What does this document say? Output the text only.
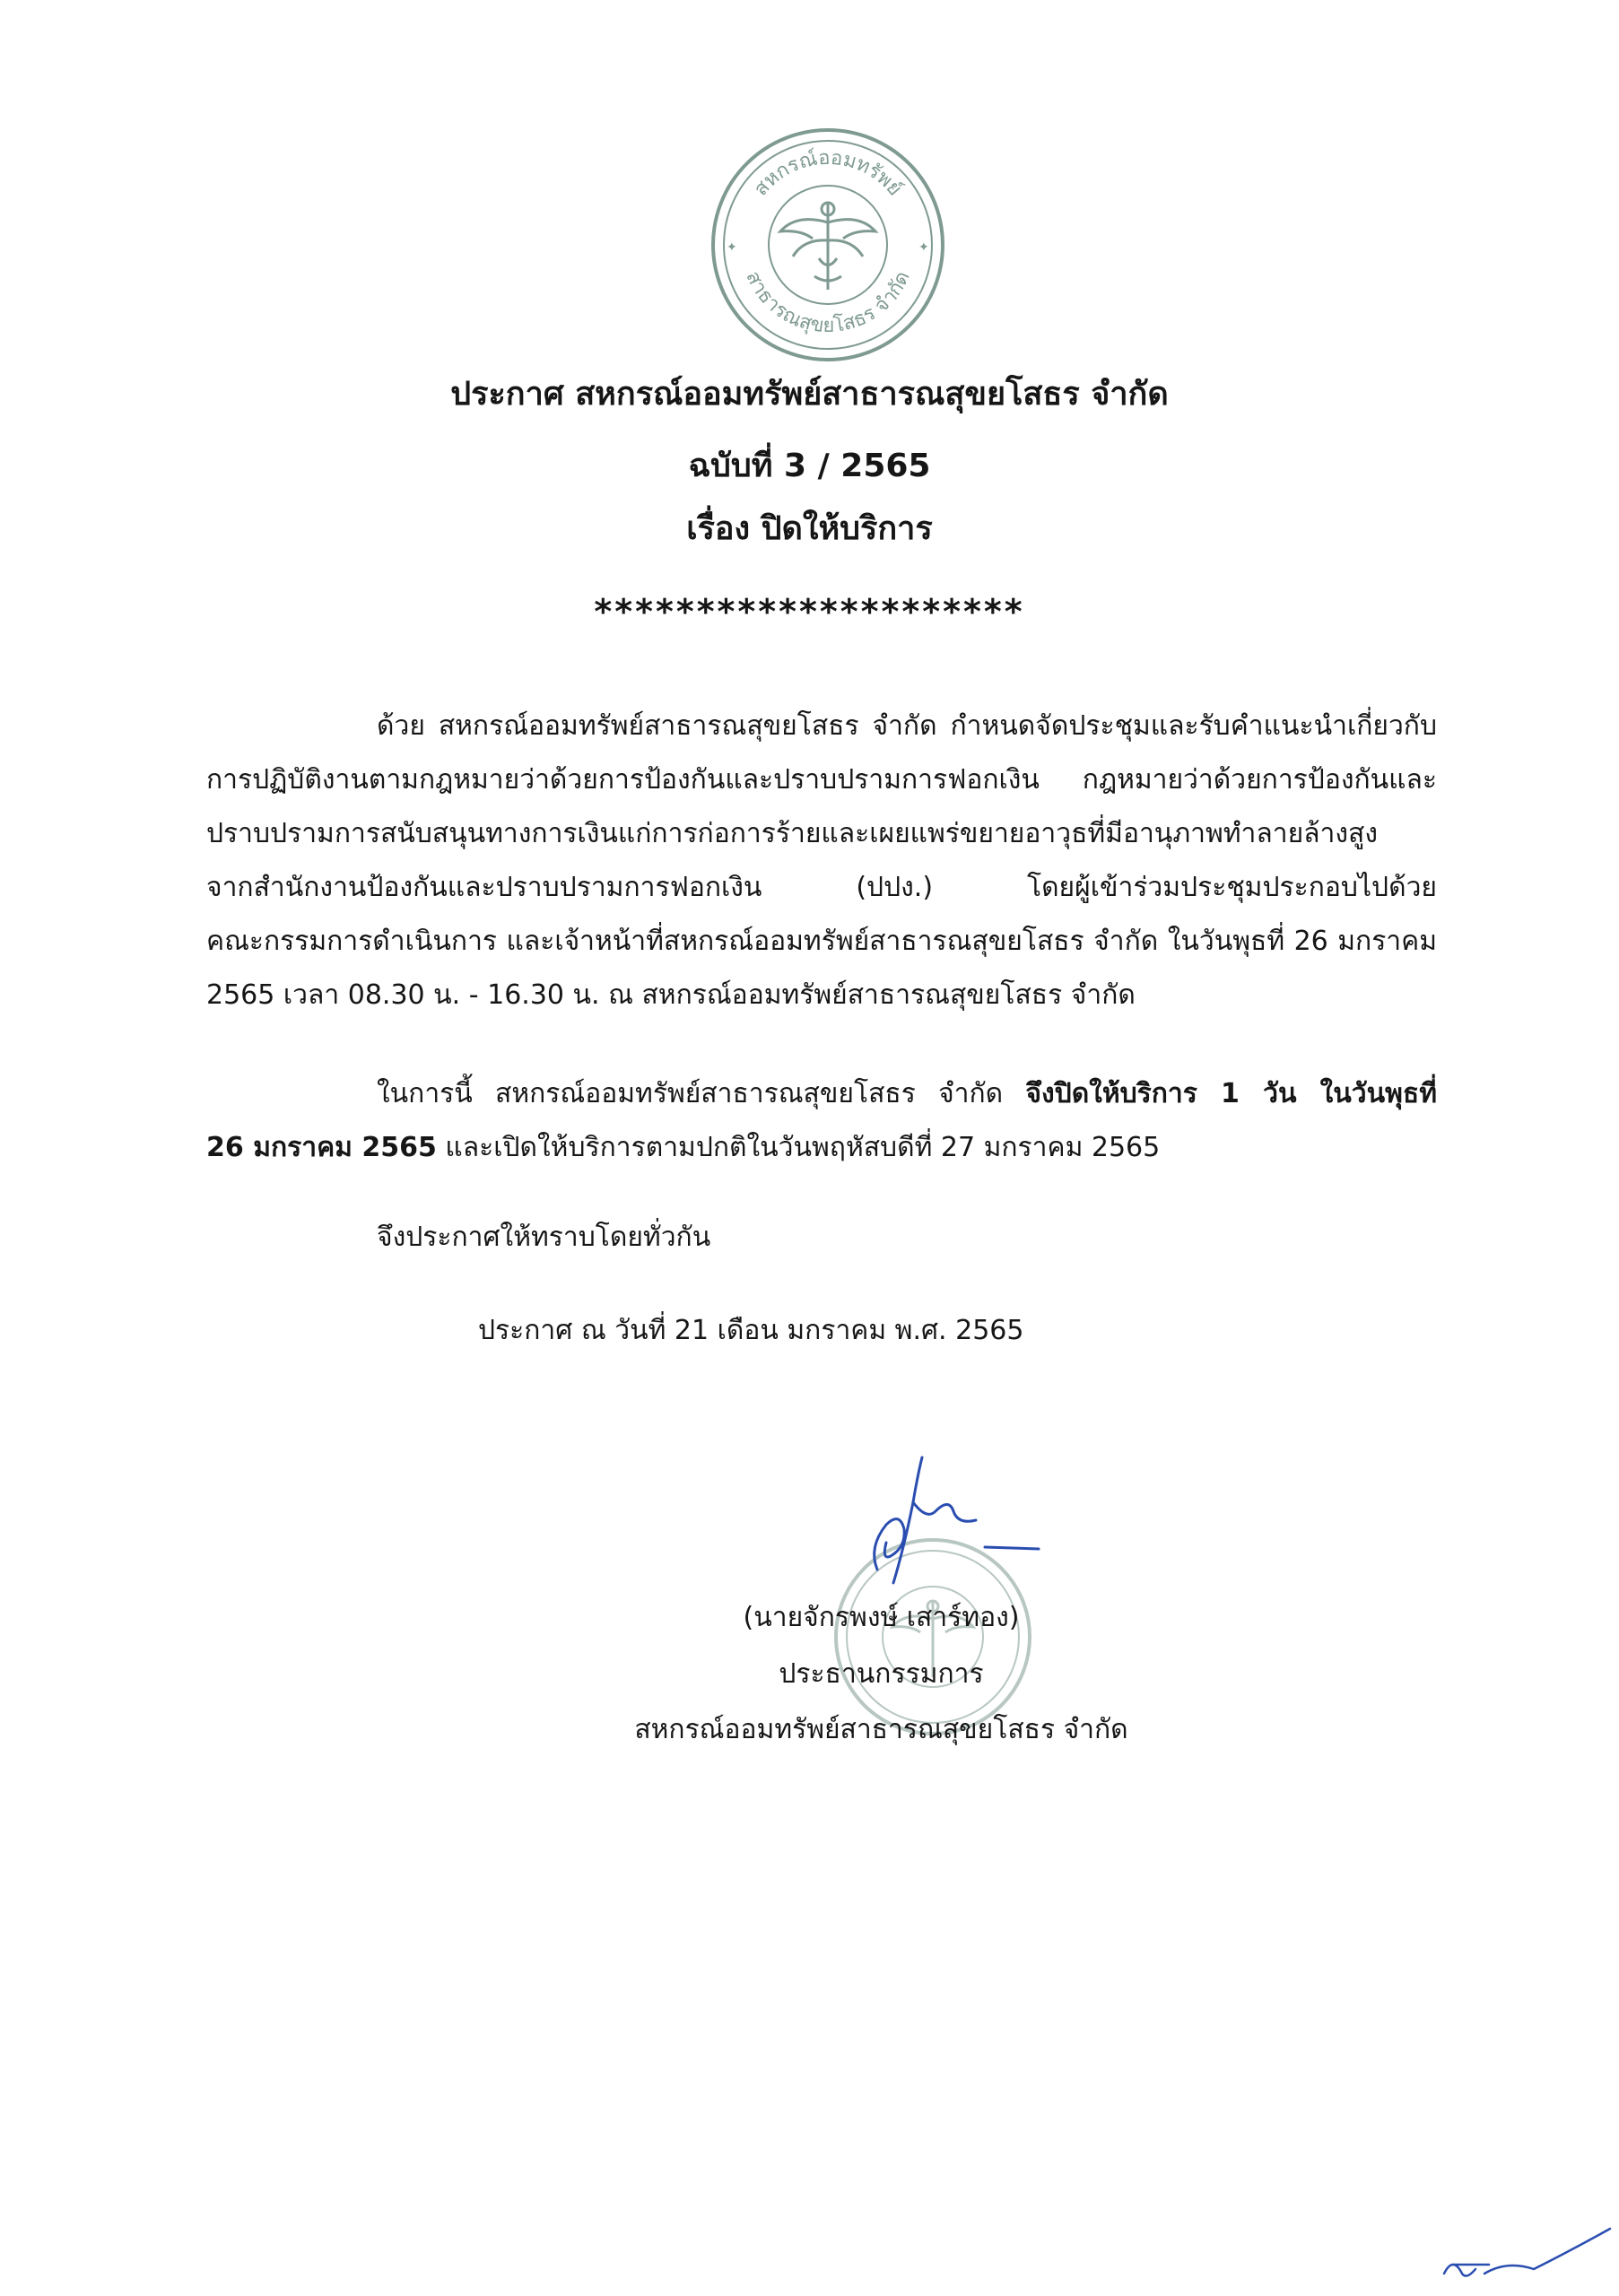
สหกรณ์ออมทรัพย์
สาธารณสุขยโสธร จำกัด
✦	✦
ประกาศ สหกรณ์ออมทรัพย์สาธารณสุขยโสธร จำกัด
ฉบับที่ 3 / 2565
เรื่อง ปิดให้บริการ
*********************
ด้วย สหกรณ์ออมทรัพย์สาธารณสุขยโสธร จำกัด กำหนดจัดประชุมและรับคำแนะนำเกี่ยวกับ
การปฏิบัติงานตามกฎหมายว่าด้วยการป้องกันและปราบปรามการฟอกเงิน กฎหมายว่าด้วยการป้องกันและ
ปราบปรามการสนับสนุนทางการเงินแก่การก่อการร้ายและเผยแพร่ขยายอาวุธที่มีอานุภาพทำลายล้างสูง
จากสำนักงานป้องกันและปราบปรามการฟอกเงิน (ปปง.) โดยผู้เข้าร่วมประชุมประกอบไปด้วย
คณะกรรมการดำเนินการ และเจ้าหน้าที่สหกรณ์ออมทรัพย์สาธารณสุขยโสธร จำกัด ในวันพุธที่ 26 มกราคม
2565 เวลา 08.30 น. - 16.30 น. ณ สหกรณ์ออมทรัพย์สาธารณสุขยโสธร จำกัด
ในการนี้ สหกรณ์ออมทรัพย์สาธารณสุขยโสธร จำกัด จึงปิดให้บริการ 1 วัน ในวันพุธที่
26 มกราคม 2565 และเปิดให้บริการตามปกติในวันพฤหัสบดีที่ 27 มกราคม 2565
จึงประกาศให้ทราบโดยทั่วกัน
ประกาศ ณ วันที่ 21 เดือน มกราคม พ.ศ. 2565
(นายจักรพงษ์ เสาร์ทอง)
ประธานกรรมการ
สหกรณ์ออมทรัพย์สาธารณสุขยโสธร จำกัด
